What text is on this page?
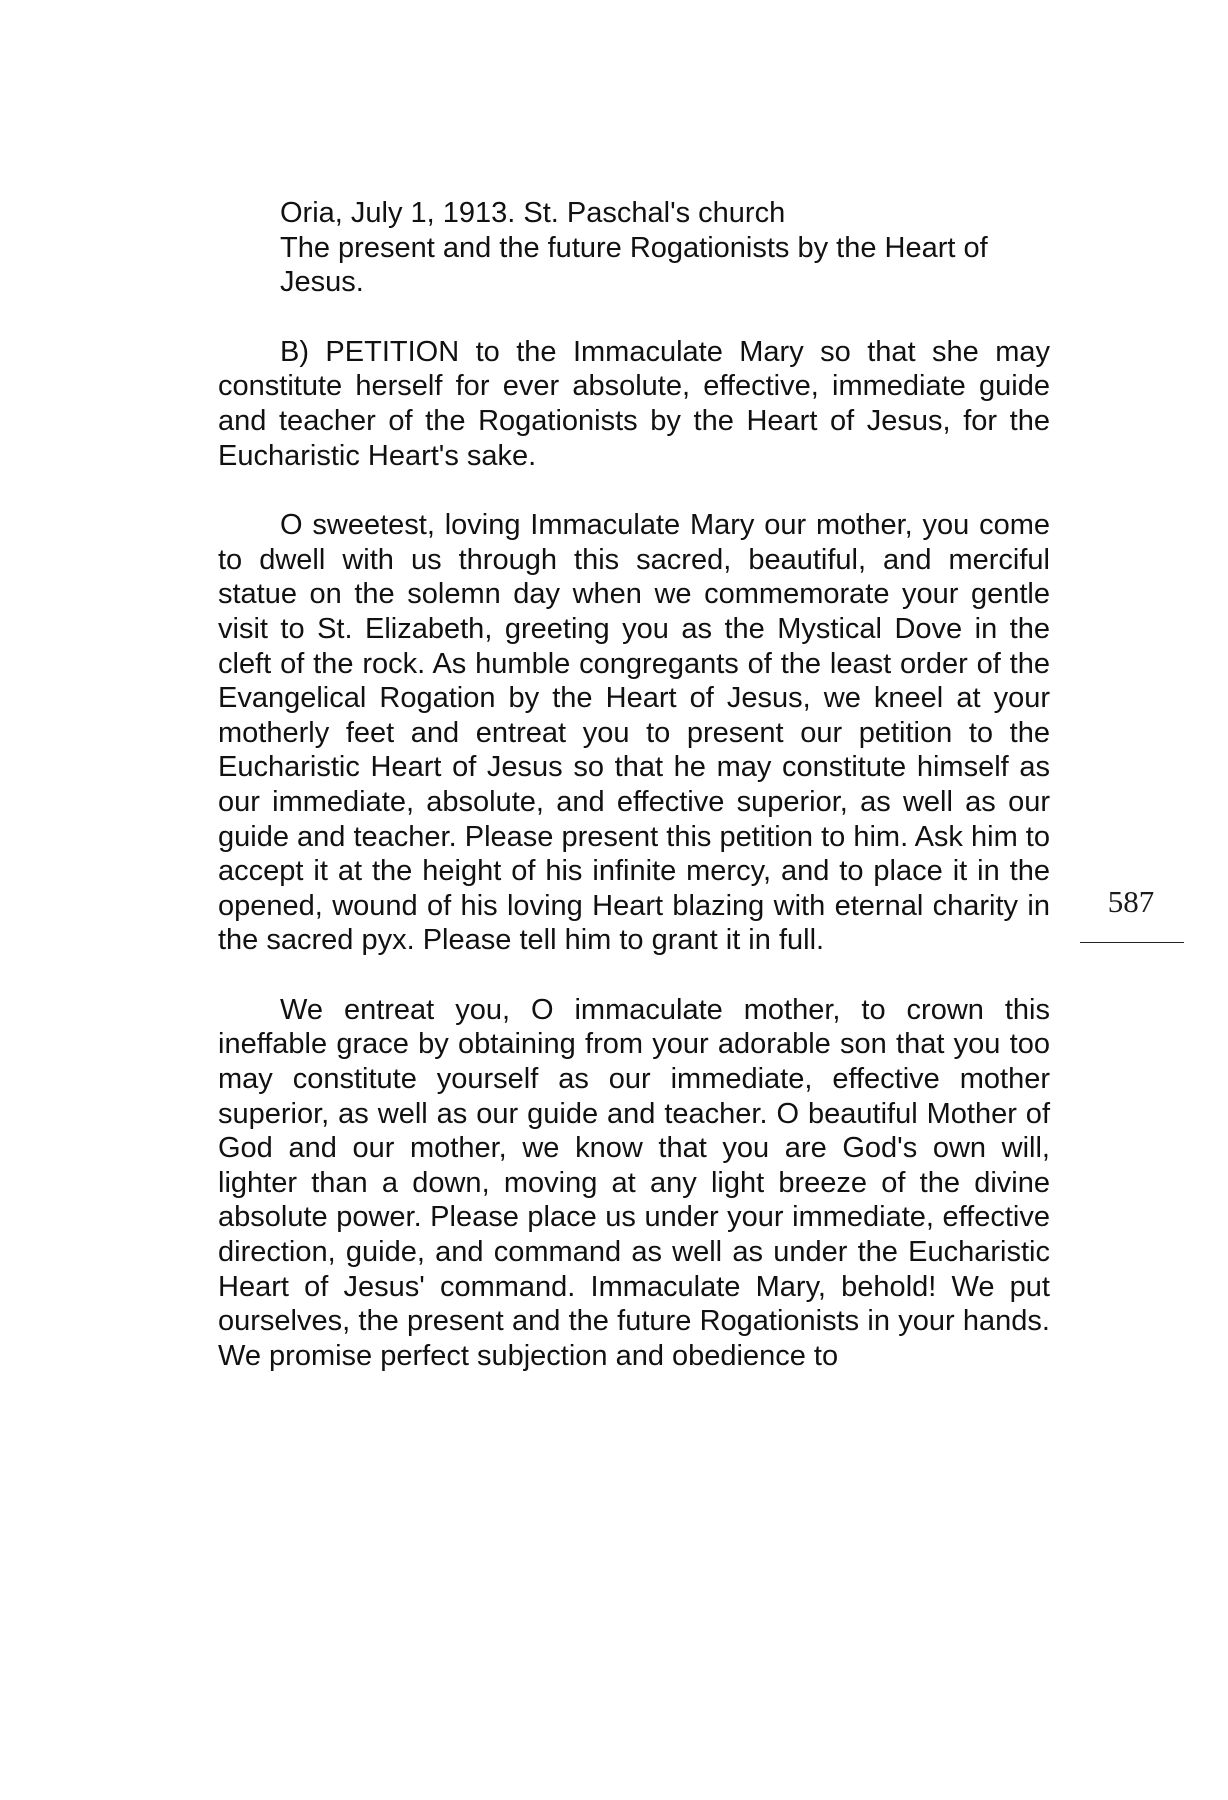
Oria, July 1, 1913. St. Paschal's church
The present and the future Rogationists by the Heart of Jesus.

B) PETITION to the Immaculate Mary so that she may constitute herself for ever absolute, effective, immediate guide and teacher of the Rogationists by the Heart of Jesus, for the Eucharistic Heart's sake.

O sweetest, loving Immaculate Mary our mother, you come to dwell with us through this sacred, beautiful, and merciful statue on the solemn day when we commemorate your gentle visit to St. Elizabeth, greeting you as the Mystical Dove in the cleft of the rock. As humble congregants of the least order of the Evangelical Rogation by the Heart of Jesus, we kneel at your motherly feet and entreat you to present our petition to the Eucharistic Heart of Jesus so that he may constitute himself as our immediate, absolute, and effective superior, as well as our guide and teacher. Please present this petition to him. Ask him to accept it at the height of his infinite mercy, and to place it in the opened, wound of his loving Heart blazing with eternal charity in the sacred pyx. Please tell him to grant it in full.

We entreat you, O immaculate mother, to crown this ineffable grace by obtaining from your adorable son that you too may constitute yourself as our immediate, effective mother superior, as well as our guide and teacher. O beautiful Mother of God and our mother, we know that you are God's own will, lighter than a down, moving at any light breeze of the divine absolute power. Please place us under your immediate, effective direction, guide, and command as well as under the Eucharistic Heart of Jesus' command. Immaculate Mary, behold! We put ourselves, the present and the future Rogationists in your hands. We promise perfect subjection and obedience to

587
